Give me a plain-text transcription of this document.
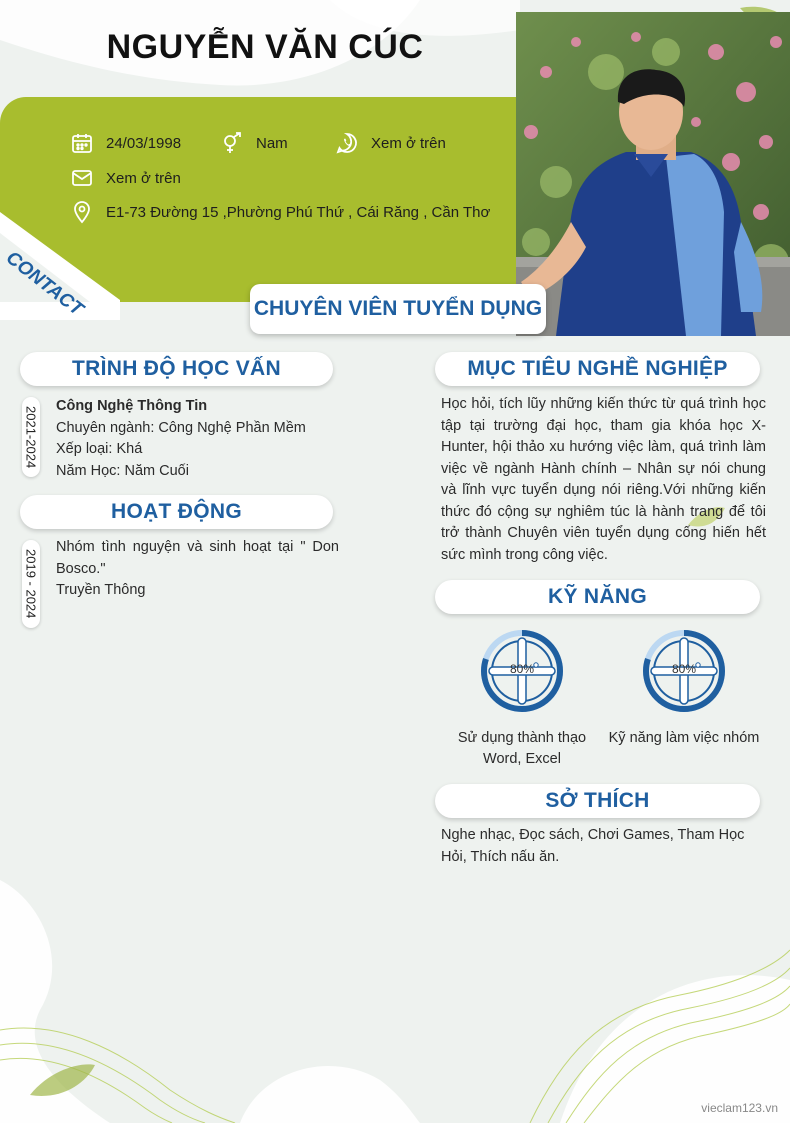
NGUYỄN VĂN CÚC
CONTACT
24/03/1998	Nam	Xem ở trên
Xem ở trên
E1-73 Đường 15 ,Phường Phú Thứ , Cái Răng , Cần Thơ
CHUYÊN VIÊN TUYỂN DỤNG
TRÌNH ĐỘ HỌC VẤN
2021-2024 Công Nghệ Thông Tin
Chuyên ngành: Công Nghệ Phần Mềm
Xếp loại: Khá
Năm Học: Năm Cuối
HOẠT ĐỘNG
2019 - 2024
Nhóm tình nguyện và sinh hoạt tại " Don Bosco."
Truyền Thông
MỤC TIÊU NGHỀ NGHIỆP
Học hỏi, tích lũy những kiến thức từ quá trình học tập tại trường đại học, tham gia khóa học X-Hunter, hội thảo xu hướng việc làm, quá trình làm việc về ngành Hành chính – Nhân sự nói chung và lĩnh vực tuyển dụng nói riêng.Với những kiến thức đó cộng sự nghiêm túc là hành trang để tôi trở thành Chuyên viên tuyển dụng cống hiến hết sức mình trong công việc.
KỸ NĂNG
80%
Sử dụng thành thạo Word, Excel
80%
Kỹ năng làm việc nhóm
SỞ THÍCH
Nghe nhạc, Đọc sách, Chơi Games, Tham Học Hỏi, Thích nấu ăn.
vieclam123.vn
